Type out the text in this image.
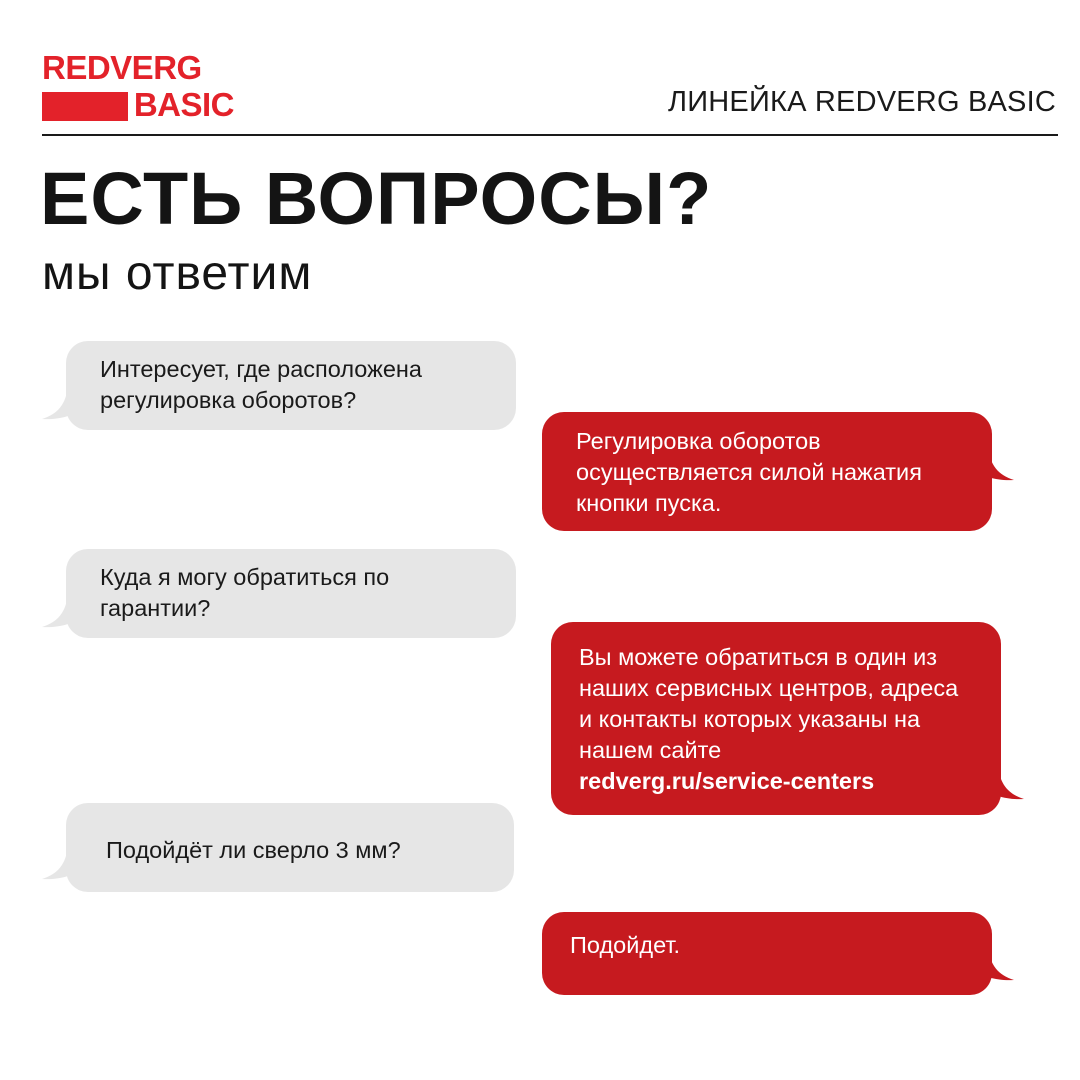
REDVERG
BASIC	ЛИНЕЙКА REDVERG BASIC
ЕСТЬ ВОПРОСЫ?
мы ответим
Интересует, где расположена регулировка оборотов?
Регулировка оборотов осуществляется силой нажатия кнопки пуска.
Куда я могу обратиться по гарантии?
Вы можете обратиться в один из наших сервисных центров, адреса и контакты которых указаны на нашем сайте
redverg.ru/service-centers
Подойдёт ли сверло 3 мм?
Подойдет.
